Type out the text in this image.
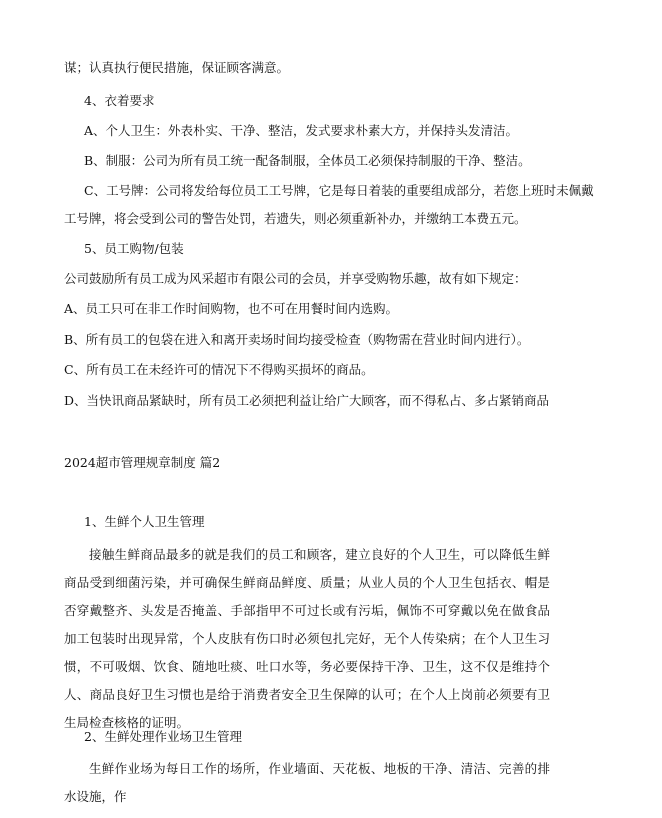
谋；认真执行便民措施，保证顾客满意。
4、衣着要求
A、个人卫生：外表朴实、干净、整洁，发式要求朴素大方，并保持头发清洁。
B、制服：公司为所有员工统一配备制服，全体员工必须保持制服的干净、整洁。
C、工号牌：公司将发给每位员工工号牌，它是每日着装的重要组成部分，若您上班时未佩戴
工号牌，将会受到公司的警告处罚，若遗失，则必须重新补办，并缴纳工本费五元。
5、员工购物/包装
公司鼓励所有员工成为风采超市有限公司的会员，并享受购物乐趣，故有如下规定：
A、员工只可在非工作时间购物，也不可在用餐时间内选购。
B、所有员工的包袋在进入和离开卖场时间均接受检查（购物需在营业时间内进行）。
C、所有员工在未经许可的情况下不得购买损坏的商品。
D、当快讯商品紧缺时，所有员工必须把利益让给广大顾客，而不得私占、多占紧销商品
2024超市管理规章制度 篇2
1、生鲜个人卫生管理
接触生鲜商品最多的就是我们的员工和顾客，建立良好的个人卫生，可以降低生鲜商品受到细菌污染，并可确保生鲜商品鲜度、质量；从业人员的个人卫生包括衣、帽是否穿戴整齐、头发是否掩盖、手部指甲不可过长或有污垢，佩饰不可穿戴以免在做食品加工包装时出现异常，个人皮肤有伤口时必须包扎完好，无个人传染病；在个人卫生习惯，不可吸烟、饮食、随地吐痰、吐口水等，务必要保持干净、卫生，这不仅是维持个人、商品良好卫生习惯也是给于消费者安全卫生保障的认可；在个人上岗前必须要有卫生局检查核格的证明。
2、生鲜处理作业场卫生管理
生鲜作业场为每日工作的场所，作业墙面、天花板、地板的干净、清洁、完善的排水设施，作
